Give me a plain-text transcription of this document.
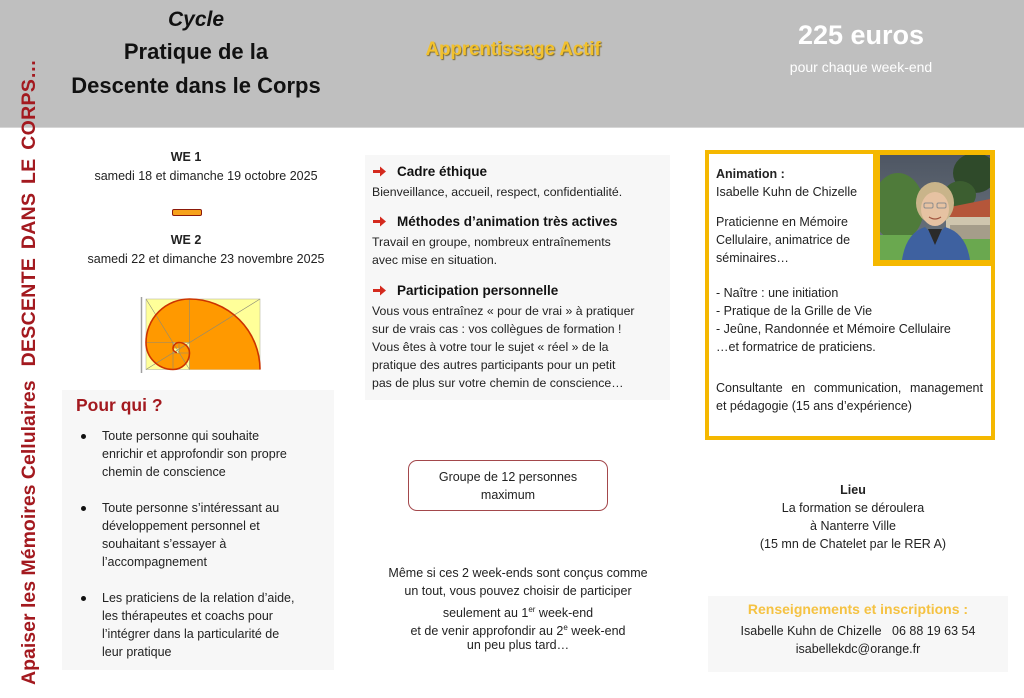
Apaiser les Mémoires Cellulaires
DESCENTE DANS LE CORPS…
Cycle
Pratique de la
Descente dans le Corps
Apprentissage Actif	225 euros
pour chaque week-end
WE 1
samedi 18 et dimanche 19 octobre 2025
WE 2
samedi 22 et dimanche 23 novembre 2025
Pour qui ?
Toute personne qui souhaite
enrichir et approfondir son propre
chemin de conscience
Toute personne s’intéressant au
développement personnel et
souhaitant s’essayer à
l’accompagnement
Les praticiens de la relation d’aide,
les thérapeutes et coachs pour
l’intégrer dans la particularité de
leur pratique
Cadre éthique
Bienveillance, accueil, respect, confidentialité.
Méthodes d’animation très actives
Travail en groupe, nombreux entraînements
avec mise en situation.
Participation personnelle
Vous vous entraînez « pour de vrai » à pratiquer
sur de vrais cas : vos collègues de formation !
Vous êtes à votre tour le sujet « réel » de la
pratique des autres participants pour un petit
pas de plus sur votre chemin de conscience…
Groupe de 12 personnes
maximum
Même si ces 2 week-ends sont conçus comme
un tout, vous pouvez choisir de participer
seulement au 1er week-end
et de venir approfondir au 2e week-end
un peu plus tard…
Animation :
Isabelle Kuhn de Chizelle
Praticienne en Mémoire
Cellulaire, animatrice de
séminaires…
- Naître : une initiation
- Pratique de la Grille de Vie
- Jeûne, Randonnée et Mémoire Cellulaire
…et formatrice de praticiens.
Consultante en communication, management
et pédagogie (15 ans d’expérience)
Lieu
La formation se déroulera
à Nanterre Ville
(15 mn de Chatelet par le RER A)
Renseignements et inscriptions :
Isabelle Kuhn de Chizelle 06 88 19 63 54
isabellekdc@orange.fr
